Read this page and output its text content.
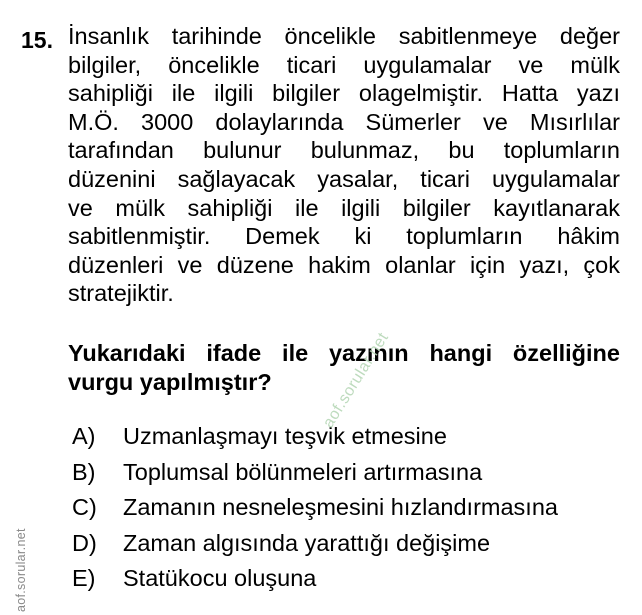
15. İnsanlık tarihinde öncelikle sabitlenmeye değer
bilgiler, öncelikle ticari uygulamalar ve mülk
sahipliği ile ilgili bilgiler olagelmiştir. Hatta yazı
M.Ö. 3000 dolaylarında Sümerler ve Mısırlılar
tarafından bulunur bulunmaz, bu toplumların
düzenini sağlayacak yasalar, ticari uygulamalar
ve mülk sahipliği ile ilgili bilgiler kayıtlanarak
sabitlenmiştir. Demek ki toplumların hâkim
düzenleri ve düzene hakim olanlar için yazı, çok
stratejiktir.
Yukarıdaki ifade ile yazının hangi özelliğine
vurgu yapılmıştır?
A) Uzmanlaşmayı teşvik etmesine
B) Toplumsal bölünmeleri artırmasına
C) Zamanın nesneleşmesini hızlandırmasına
D) Zaman algısında yarattığı değişime
E) Statükocu oluşuna
aof.sorular.net
aof.sorular.net
